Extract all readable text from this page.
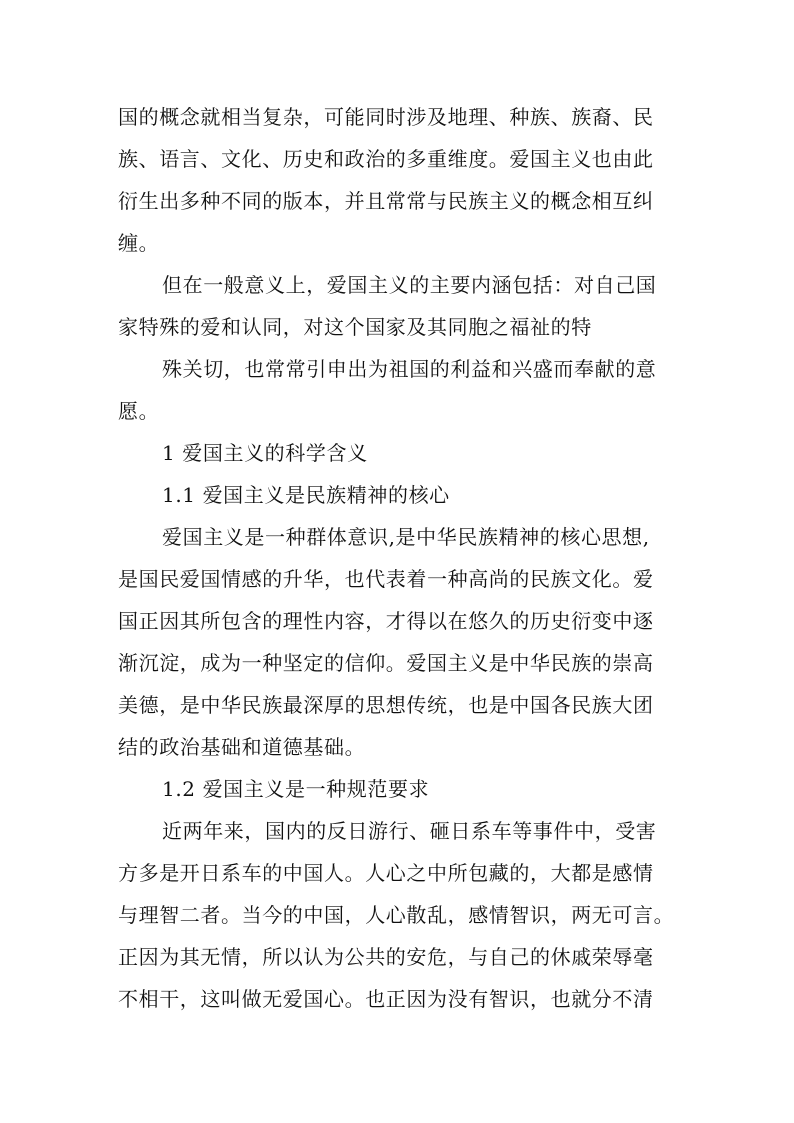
国的概念就相当复杂，可能同时涉及地理、种族、族裔、民
族、语言、文化、历史和政治的多重维度。爱国主义也由此
衍生出多种不同的版本，并且常常与民族主义的概念相互纠
缠。
但在一般意义上，爱国主义的主要内涵包括：对自己国
家特殊的爱和认同，对这个国家及其同胞之福祉的特
殊关切，也常常引申出为祖国的利益和兴盛而奉献的意
愿。
1 爱国主义的科学含义
1.1 爱国主义是民族精神的核心
爱国主义是一种群体意识,是中华民族精神的核心思想,
是国民爱国情感的升华，也代表着一种高尚的民族文化。爱
国正因其所包含的理性内容，才得以在悠久的历史衍变中逐
渐沉淀，成为一种坚定的信仰。爱国主义是中华民族的崇高
美德，是中华民族最深厚的思想传统，也是中国各民族大团
结的政治基础和道德基础。
1.2 爱国主义是一种规范要求
近两年来，国内的反日游行、砸日系车等事件中，受害
方多是开日系车的中国人。人心之中所包藏的，大都是感情
与理智二者。当今的中国，人心散乱，感情智识，两无可言。
正因为其无情，所以认为公共的安危，与自己的休戚荣辱毫
不相干，这叫做无爱国心。也正因为没有智识，也就分不清
